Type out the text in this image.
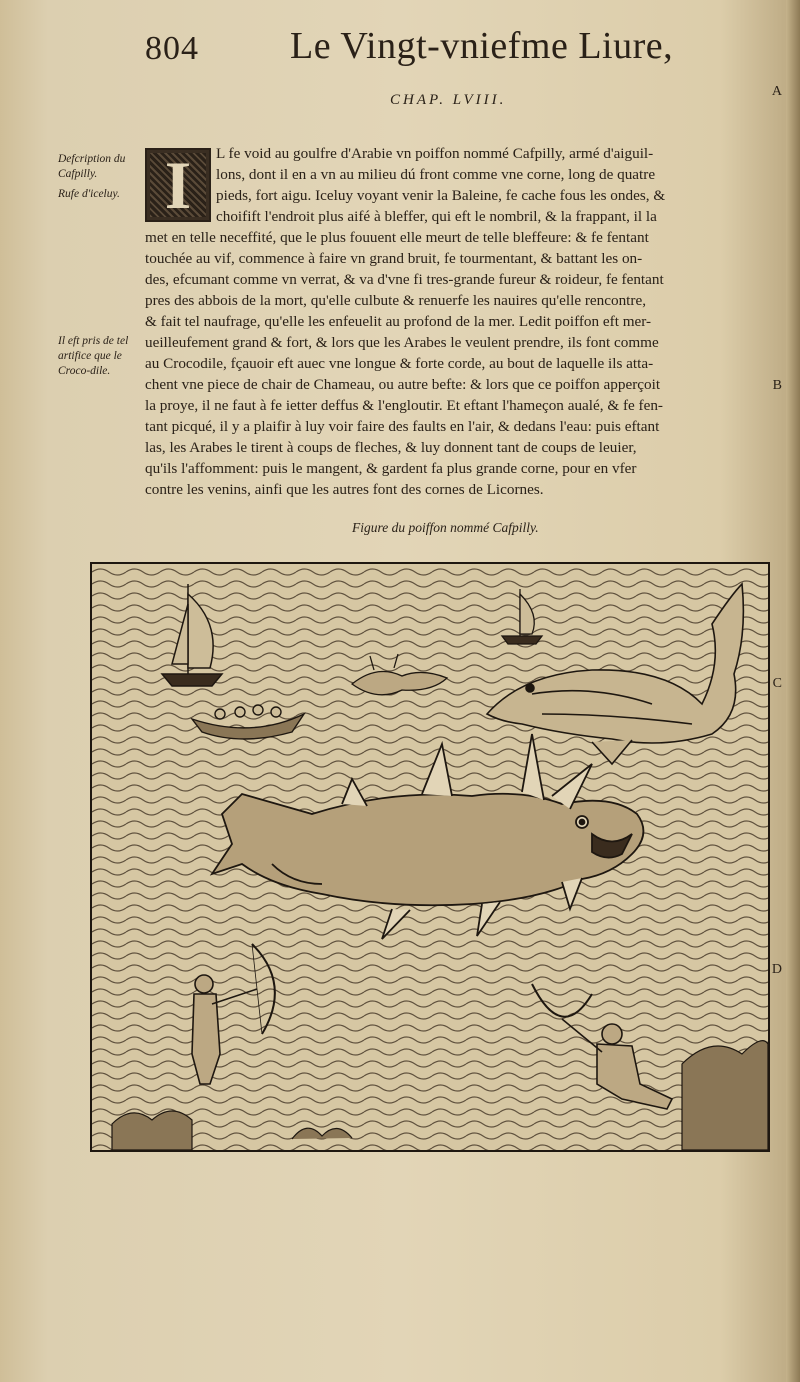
804 Le Vingt-vniefme Liure,
CHAP. LVIII.
A
B
C
D
Defcription du Cafpilly.
Rufe d'iceluy.
Il eft pris de tel artifice que le Croco-dile.
I	L fe void au goulfre d'Arabie vn poiffon nommé Cafpilly, armé d'aiguil-
lons, dont il en a vn au milieu dú front comme vne corne, long de quatre
pieds, fort aigu. Iceluy voyant venir la Baleine, fe cache fous les ondes, &
choifift l'endroit plus aifé à bleffer, qui eft le nombril, & la frappant, il la
met en telle neceffité, que le plus fouuent elle meurt de telle bleffeure: & fe fentant
touchée au vif, commence à faire vn grand bruit, fe tourmentant, & battant les on-
des, efcumant comme vn verrat, & va d'vne fi tres-grande fureur & roideur, fe fentant
pres des abbois de la mort, qu'elle culbute & renuerfe les nauires qu'elle rencontre,
& fait tel naufrage, qu'elle les enfeuelit au profond de la mer. Ledit poiffon eft mer-
ueilleufement grand & fort, & lors que les Arabes le veulent prendre, ils font comme
au Crocodile, fçauoir eft auec vne longue & forte corde, au bout de laquelle ils atta-
chent vne piece de chair de Chameau, ou autre befte: & lors que ce poiffon apperçoit
la proye, il ne faut à fe ietter deffus & l'engloutir. Et eftant l'hameçon aualé, & fe fen-
tant picqué, il y a plaifir à luy voir faire des faults en l'air, & dedans l'eau: puis eftant
las, les Arabes le tirent à coups de fleches, & luy donnent tant de coups de leuier,
qu'ils l'affomment: puis le mangent, & gardent fa plus grande corne, pour en vfer
contre les venins, ainfi que les autres font des cornes de Licornes.
Figure du poiffon nommé Cafpilly.
